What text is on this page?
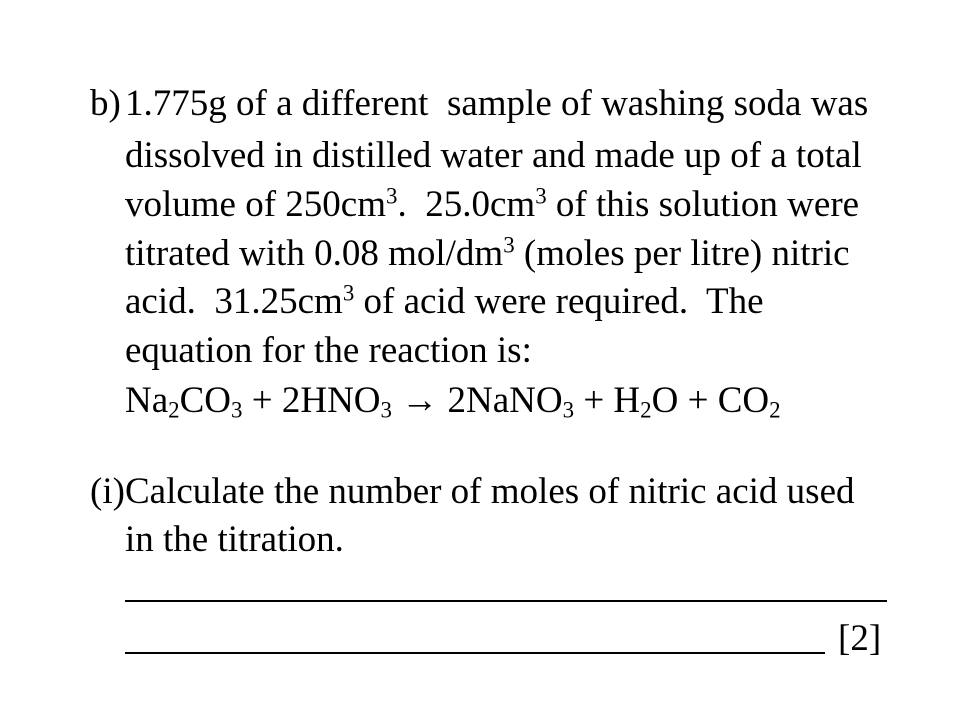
b) 1.775g of a different  sample of washing soda was
dissolved in distilled water and made up of a total
volume of $250cm^3$.  $25.0cm^3$ of this solution were
titrated with 0.08 mol/$dm^3$ (moles per litre) nitric
acid.  $31.25cm^3$ of acid were required.  The
equation for the reaction is:
$Na_2CO_3 + 2HNO_3$ → 2NaNO$_3$ + $H_2O + CO_2$
(i) Calculate the number of moles of nitric acid used
in the titration.
[2]
